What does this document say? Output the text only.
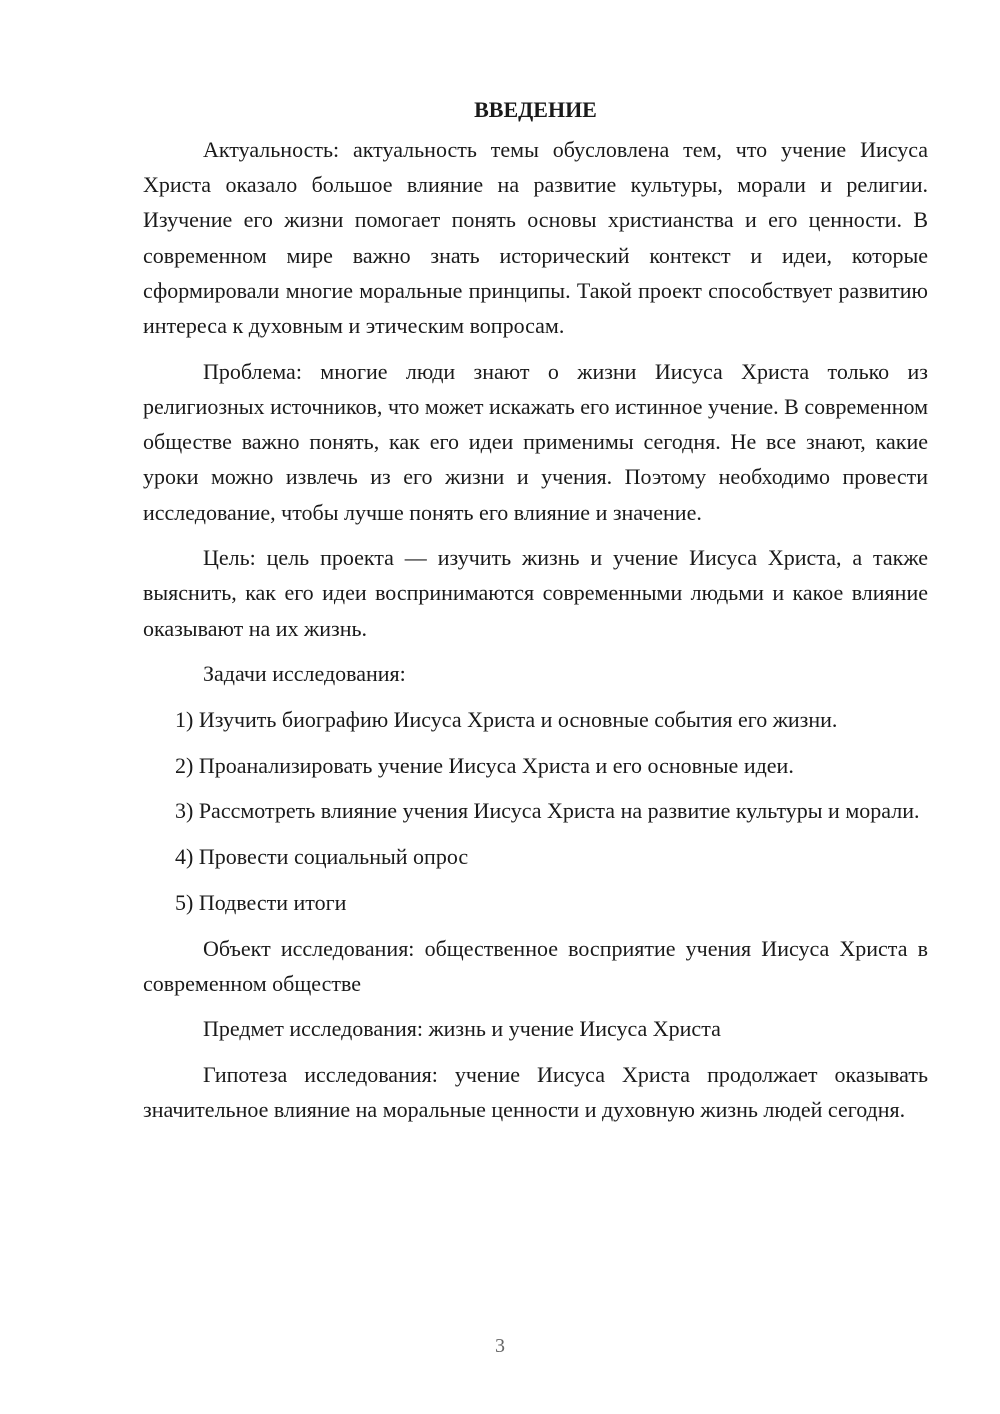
ВВЕДЕНИЕ

Актуальность: актуальность темы обусловлена тем, что учение Иисуса Христа оказало большое влияние на развитие культуры, морали и религии. Изучение его жизни помогает понять основы христианства и его ценности. В современном мире важно знать исторический контекст и идеи, которые сформировали многие моральные принципы. Такой проект способствует развитию интереса к духовным и этическим вопросам.

Проблема: многие люди знают о жизни Иисуса Христа только из религиозных источников, что может искажать его истинное учение. В современном обществе важно понять, как его идеи применимы сегодня. Не все знают, какие уроки можно извлечь из его жизни и учения. Поэтому необходимо провести исследование, чтобы лучше понять его влияние и значение.

Цель: цель проекта — изучить жизнь и учение Иисуса Христа, а также выяснить, как его идеи воспринимаются современными людьми и какое влияние оказывают на их жизнь.

Задачи исследования:

1) Изучить биографию Иисуса Христа и основные события его жизни.

2) Проанализировать учение Иисуса Христа и его основные идеи.

3) Рассмотреть влияние учения Иисуса Христа на развитие культуры и морали.

4) Провести социальный опрос

5) Подвести итоги

Объект исследования: общественное восприятие учения Иисуса Христа в современном обществе

Предмет исследования: жизнь и учение Иисуса Христа

Гипотеза исследования: учение Иисуса Христа продолжает оказывать значительное влияние на моральные ценности и духовную жизнь людей сегодня.

3
